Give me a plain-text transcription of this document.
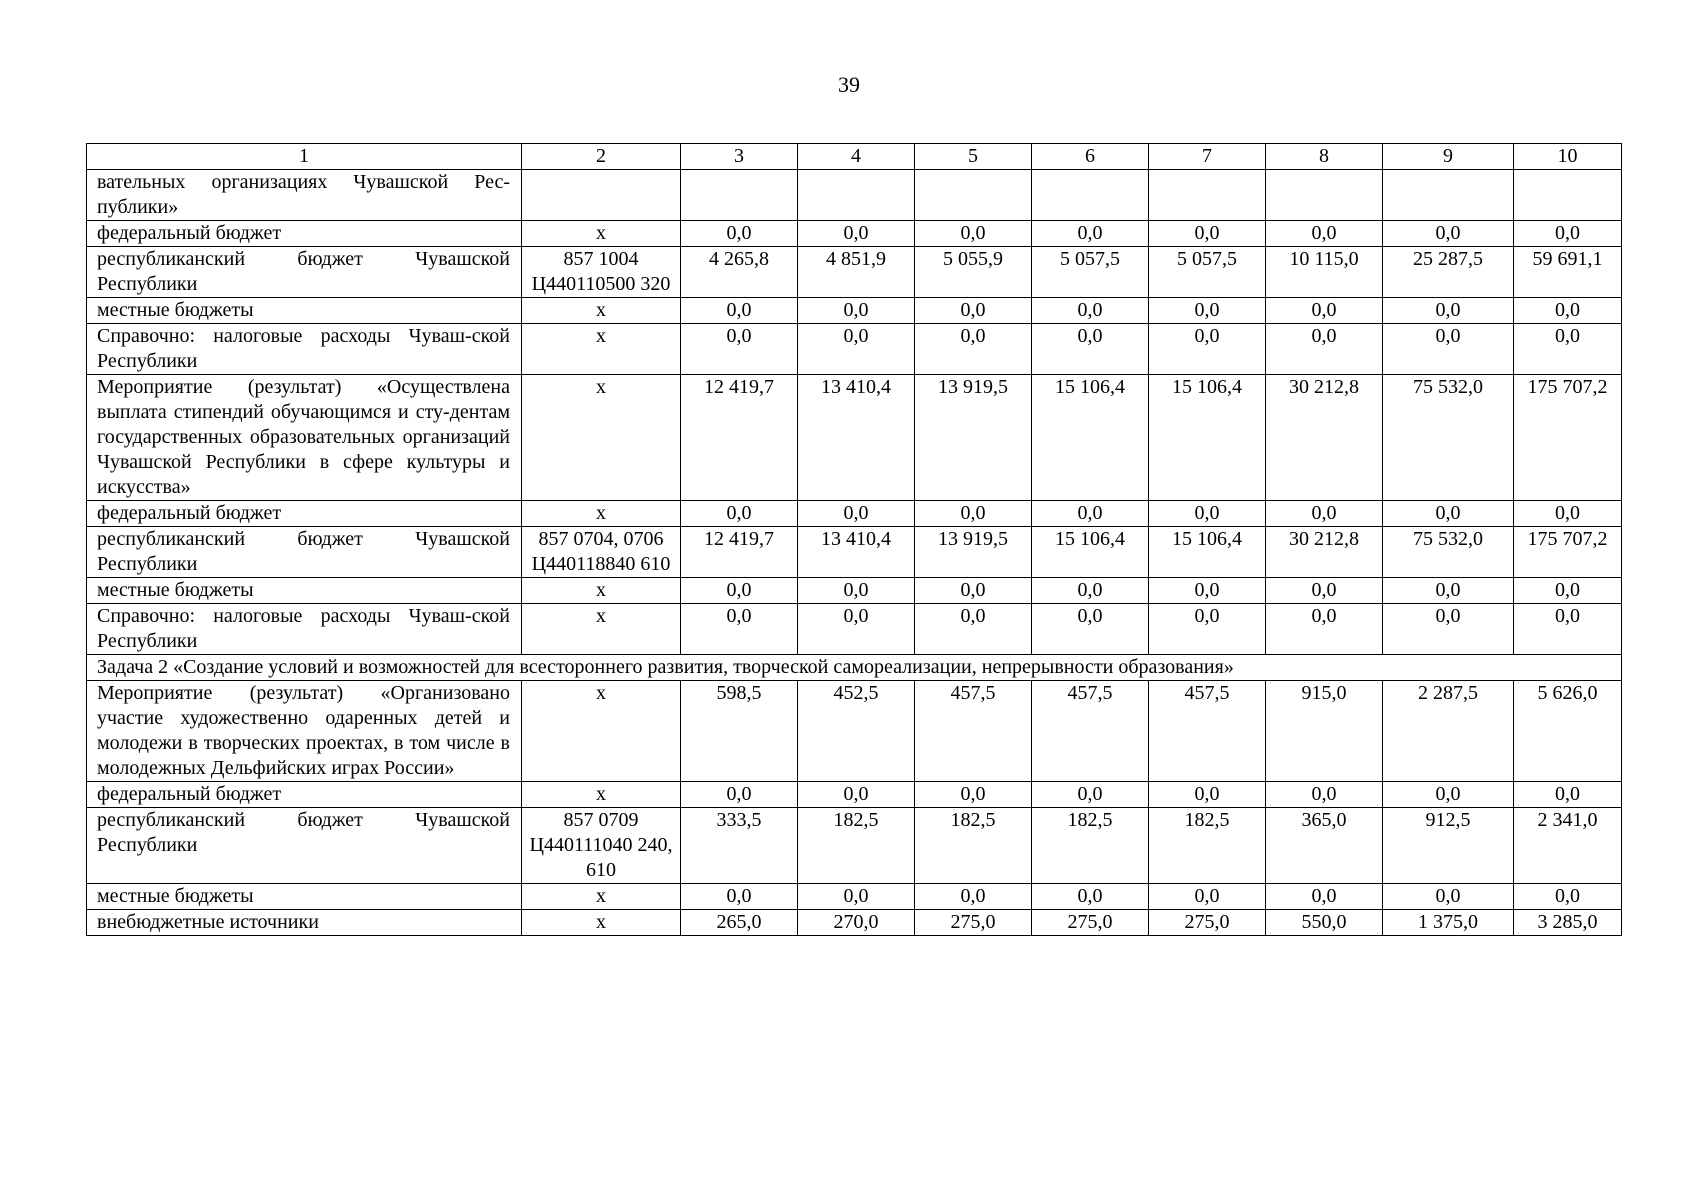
39
1	2	3	4	5	6	7	8	9	10
вательных организациях Чувашской Рес-публики»									
федеральный бюджет	х	0,0	0,0	0,0	0,0	0,0	0,0	0,0	0,0
республиканский бюджет Чувашской Республики	857 1004 Ц440110500 320	4 265,8	4 851,9	5 055,9	5 057,5	5 057,5	10 115,0	25 287,5	59 691,1
местные бюджеты	х	0,0	0,0	0,0	0,0	0,0	0,0	0,0	0,0
Справочно: налоговые расходы Чуваш-ской Республики	х	0,0	0,0	0,0	0,0	0,0	0,0	0,0	0,0
Мероприятие (результат) «Осуществлена выплата стипендий обучающимся и сту-дентам государственных образовательных организаций Чувашской Республики в сфере культуры и искусства»	х	12 419,7	13 410,4	13 919,5	15 106,4	15 106,4	30 212,8	75 532,0	175 707,2
федеральный бюджет	х	0,0	0,0	0,0	0,0	0,0	0,0	0,0	0,0
республиканский бюджет Чувашской Республики	857 0704, 0706 Ц440118840 610	12 419,7	13 410,4	13 919,5	15 106,4	15 106,4	30 212,8	75 532,0	175 707,2
местные бюджеты	х	0,0	0,0	0,0	0,0	0,0	0,0	0,0	0,0
Справочно: налоговые расходы Чуваш-ской Республики	х	0,0	0,0	0,0	0,0	0,0	0,0	0,0	0,0
Задача 2 «Создание условий и возможностей для всестороннего развития, творческой самореализации, непрерывности образования»									
Мероприятие (результат) «Организовано участие художественно одаренных детей и молодежи в творческих проектах, в том числе в молодежных Дельфийских играх России»	х	598,5	452,5	457,5	457,5	457,5	915,0	2 287,5	5 626,0
федеральный бюджет	х	0,0	0,0	0,0	0,0	0,0	0,0	0,0	0,0
республиканский бюджет Чувашской Республики	857 0709 Ц440111040 240, 610	333,5	182,5	182,5	182,5	182,5	365,0	912,5	2 341,0
местные бюджеты	х	0,0	0,0	0,0	0,0	0,0	0,0	0,0	0,0
внебюджетные источники	х	265,0	270,0	275,0	275,0	275,0	550,0	1 375,0	3 285,0
